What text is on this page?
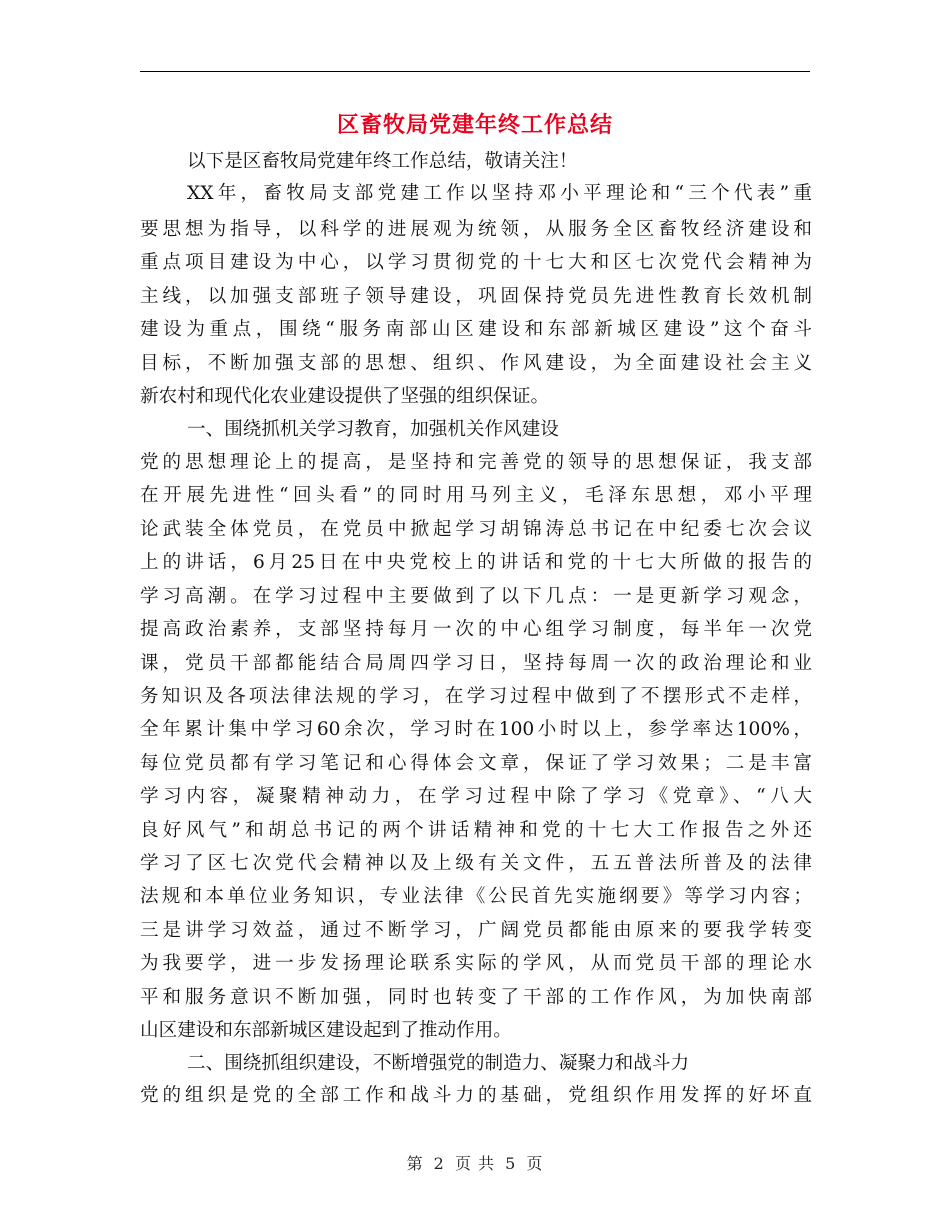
区畜牧局党建年终工作总结
以下是区畜牧局党建年终工作总结，敬请关注！
XX年，畜牧局支部党建工作以坚持邓小平理论和“三个代表”重
要思想为指导，以科学的进展观为统领，从服务全区畜牧经济建设和
重点项目建设为中心，以学习贯彻党的十七大和区七次党代会精神为
主线，以加强支部班子领导建设，巩固保持党员先进性教育长效机制
建设为重点，围绕“服务南部山区建设和东部新城区建设”这个奋斗
目标，不断加强支部的思想、组织、作风建设，为全面建设社会主义
新农村和现代化农业建设提供了坚强的组织保证。
一、围绕抓机关学习教育，加强机关作风建设
党的思想理论上的提高，是坚持和完善党的领导的思想保证，我支部
在开展先进性“回头看”的同时用马列主义，毛泽东思想，邓小平理
论武装全体党员，在党员中掀起学习胡锦涛总书记在中纪委七次会议
上的讲话，6月25日在中央党校上的讲话和党的十七大所做的报告的
学习高潮。在学习过程中主要做到了以下几点：一是更新学习观念，
提高政治素养，支部坚持每月一次的中心组学习制度，每半年一次党
课，党员干部都能结合局周四学习日，坚持每周一次的政治理论和业
务知识及各项法律法规的学习，在学习过程中做到了不摆形式不走样，
全年累计集中学习60余次，学习时在100小时以上，参学率达100%，
每位党员都有学习笔记和心得体会文章，保证了学习效果；二是丰富
学习内容，凝聚精神动力，在学习过程中除了学习《党章》、“八大
良好风气”和胡总书记的两个讲话精神和党的十七大工作报告之外还
学习了区七次党代会精神以及上级有关文件，五五普法所普及的法律
法规和本单位业务知识，专业法律《公民首先实施纲要》等学习内容；
三是讲学习效益，通过不断学习，广阔党员都能由原来的要我学转变
为我要学，进一步发扬理论联系实际的学风，从而党员干部的理论水
平和服务意识不断加强，同时也转变了干部的工作作风，为加快南部
山区建设和东部新城区建设起到了推动作用。
二、围绕抓组织建设，不断增强党的制造力、凝聚力和战斗力
党的组织是党的全部工作和战斗力的基础，党组织作用发挥的好坏直
第 2 页 共 5 页
